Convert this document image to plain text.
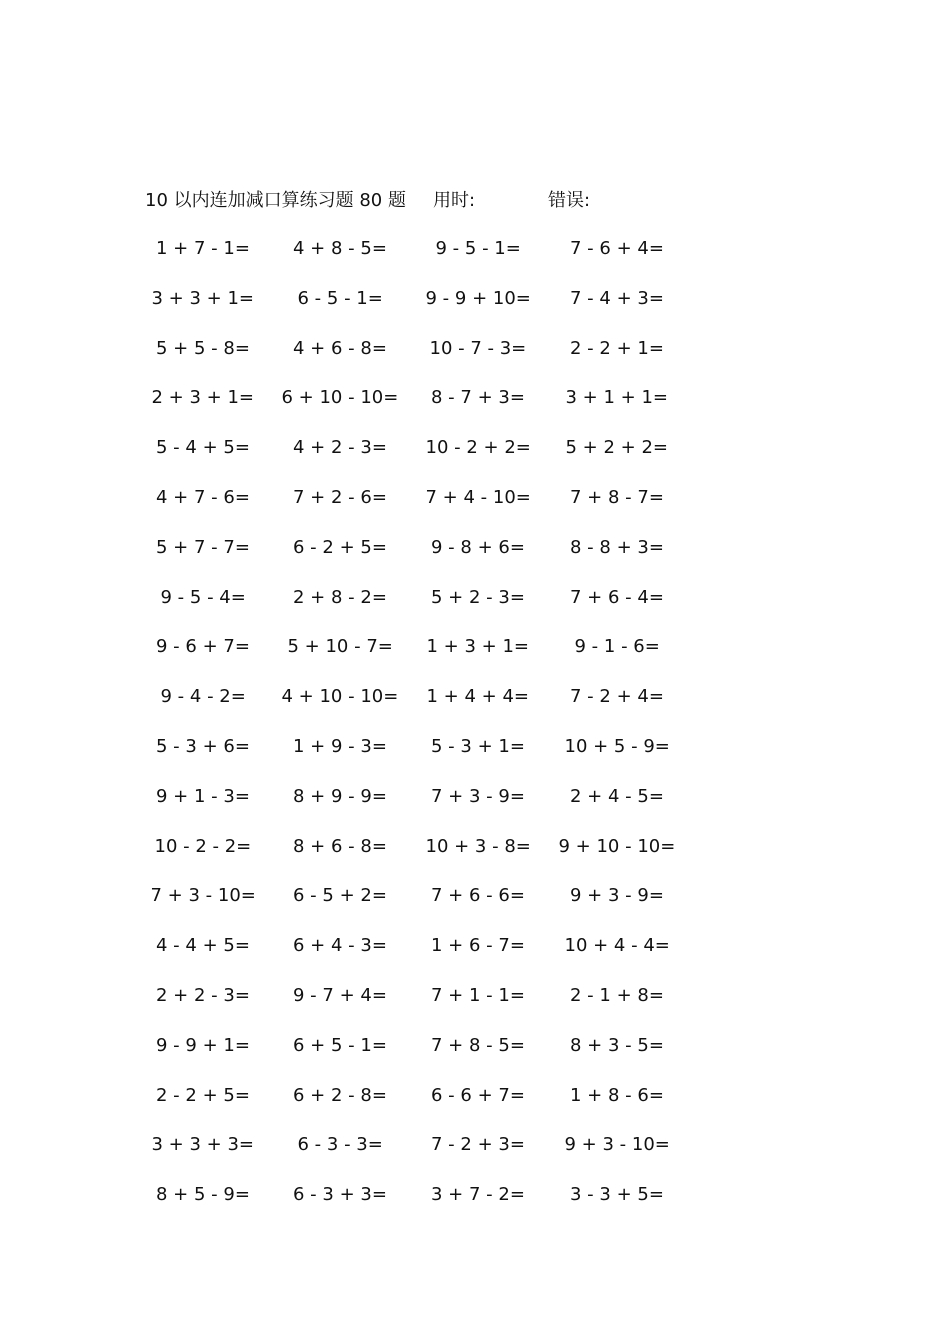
10 以内连加减口算练习题 80 题 用时:	错误:
1 + 7 - 1= 4 + 8 - 5=	9 - 5 - 1=	7 - 6 + 4=
3 + 3 + 1= 6 - 5 - 1= 9 - 9 + 10= 7 - 4 + 3=
5 + 5 - 8= 4 + 6 - 8= 10 - 7 - 3= 2 - 2 + 1=
2 + 3 + 1= 6 + 10 - 10= 8 - 7 + 3= 3 + 1 + 1=
5 - 4 + 5= 4 + 2 - 3= 10 - 2 + 2= 5 + 2 + 2=
4 + 7 - 6= 7 + 2 - 6= 7 + 4 - 10= 7 + 8 - 7=
5 + 7 - 7= 6 - 2 + 5= 9 - 8 + 6=	8 - 8 + 3=
9 - 5 - 4=	2 + 8 - 2= 5 + 2 - 3=	7 + 6 - 4=
9 - 6 + 7= 5 + 10 - 7= 1 + 3 + 1=	9 - 1 - 6=
9 - 4 - 2= 4 + 10 - 10= 1 + 4 + 4= 7 - 2 + 4=
5 - 3 + 6= 1 + 9 - 3= 5 - 3 + 1= 10 + 5 - 9=
9 + 1 - 3= 8 + 9 - 9= 7 + 3 - 9=	2 + 4 - 5=
10 - 2 - 2= 8 + 6 - 8= 10 + 3 - 8= 9 + 10 - 10=
7 + 3 - 10= 6 - 5 + 2= 7 + 6 - 6=	9 + 3 - 9=
4 - 4 + 5= 6 + 4 - 3= 1 + 6 - 7= 10 + 4 - 4=
2 + 2 - 3= 9 - 7 + 4= 7 + 1 - 1=	2 - 1 + 8=
9 - 9 + 1= 6 + 5 - 1= 7 + 8 - 5=	8 + 3 - 5=
2 - 2 + 5= 6 + 2 - 8= 6 - 6 + 7=	1 + 8 - 6=
3 + 3 + 3= 6 - 3 - 3=	7 - 2 + 3= 9 + 3 - 10=
8 + 5 - 9= 6 - 3 + 3= 3 + 7 - 2=	3 - 3 + 5=
